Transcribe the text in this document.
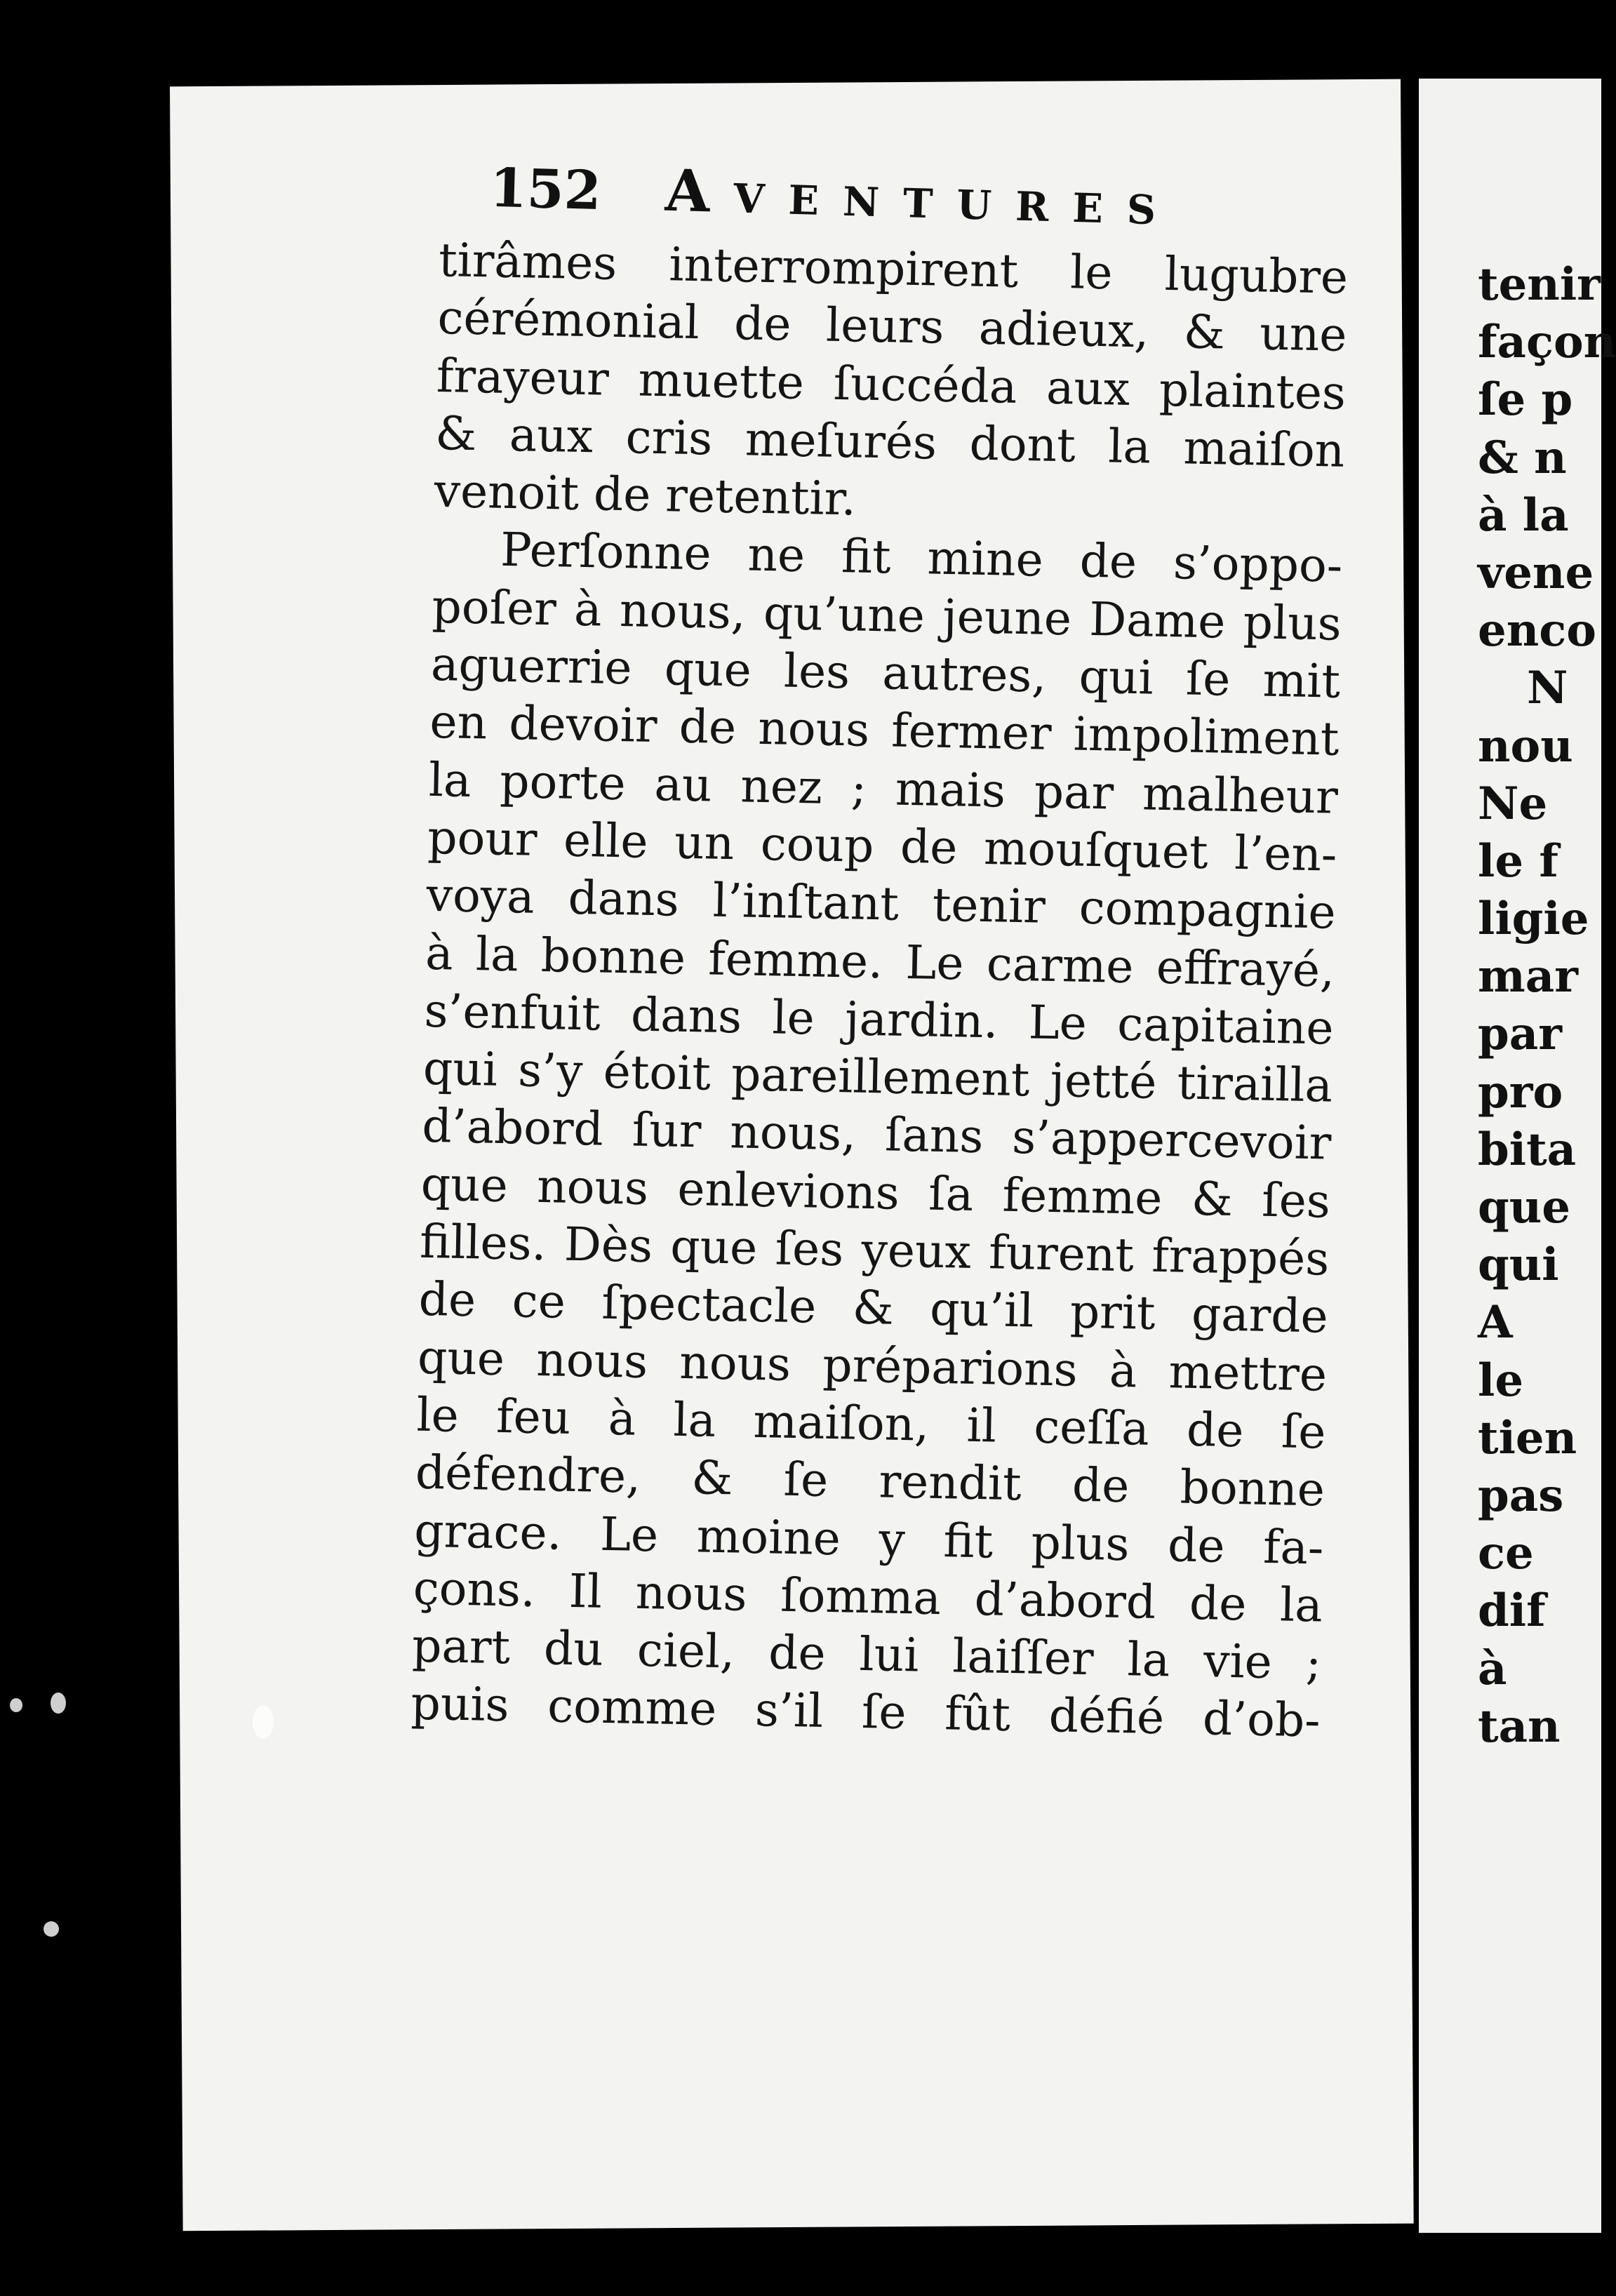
152 Aventures
tirâmes interrompirent le lugubre
cérémonial de leurs adieux, & une
frayeur muette ſuccéda aux plaintes
& aux cris meſurés dont la maiſon
venoit de retentir.
Perſonne ne fit mine de s’oppo-
poſer à nous, qu’une jeune Dame plus
aguerrie que les autres, qui ſe mit
en devoir de nous fermer impoliment
la porte au nez ; mais par malheur
pour elle un coup de mouſquet l’en-
voya dans l’inſtant tenir compagnie
à la bonne femme. Le carme effrayé,
s’enfuit dans le jardin. Le capitaine
qui s’y étoit pareillement jetté tirailla
d’abord ſur nous, ſans s’appercevoir
que nous enlevions ſa femme & ſes
filles. Dès que ſes yeux furent frappés
de ce ſpectacle & qu’il prit garde
que nous nous préparions à mettre
le feu à la maiſon, il ceſſa de ſe
défendre, & ſe rendit de bonne
grace. Le moine y fit plus de fa-
çons. Il nous ſomma d’abord de la
part du ciel, de lui laiſſer la vie ;
puis comme s’il ſe fût défié d’ob-
tenir
façon
ſe p
& n
à la
vene
enco
N
nou
Ne
le f
ligie
mar
par
pro
bita
que
qui
A
le
tien
pas
ce
dif
à
tan
